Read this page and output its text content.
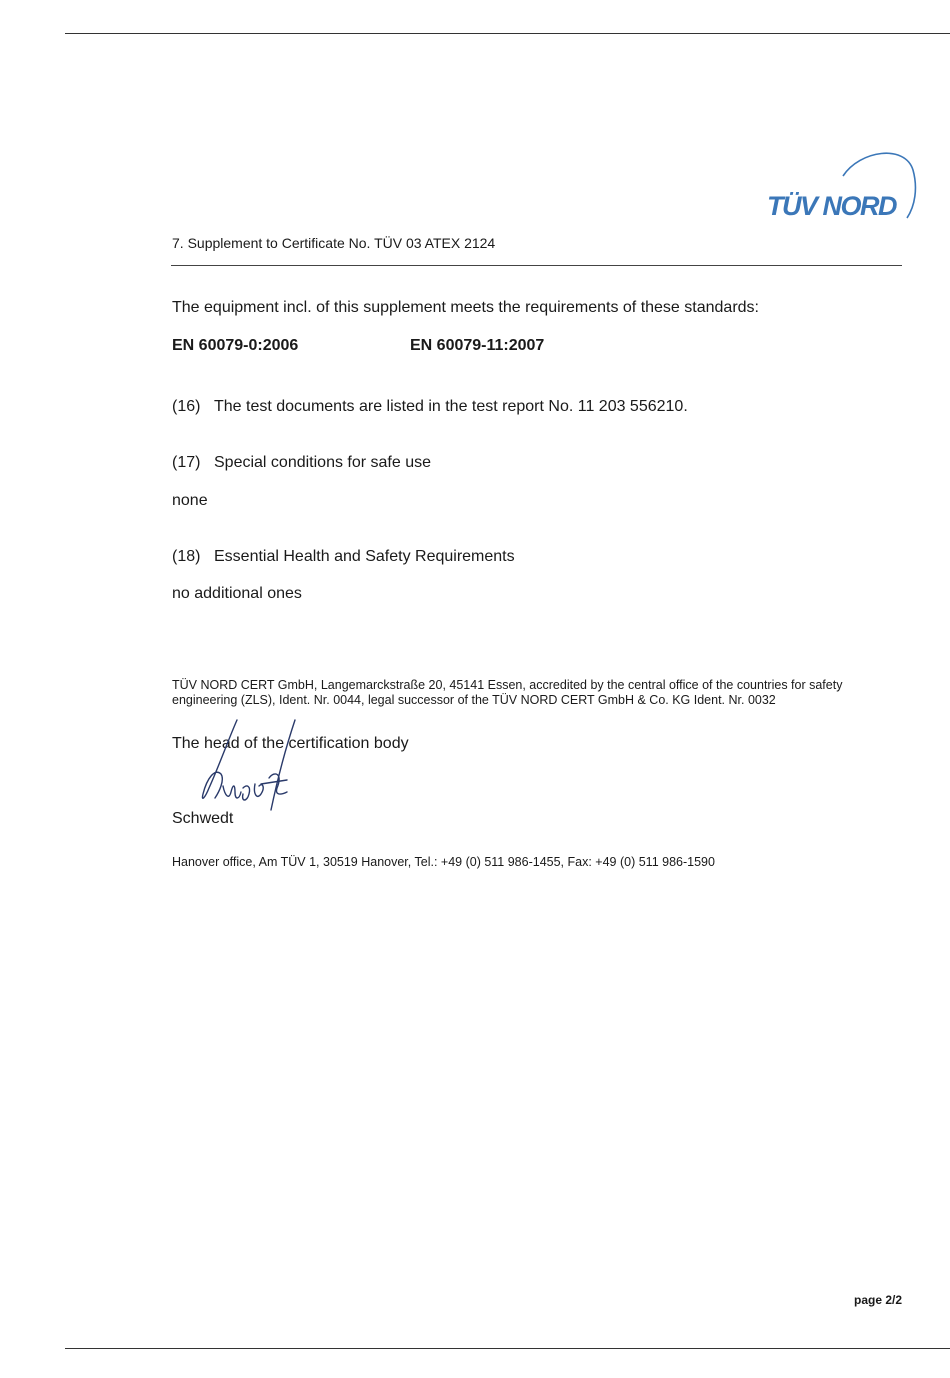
TÜV NORD
7. Supplement to Certificate No. TÜV 03 ATEX 2124
The equipment incl. of this supplement meets the requirements of these standards:
EN 60079-0:2006	EN 60079-11:2007
(16) The test documents are listed in the test report No. 11 203 556210.
(17) Special conditions for safe use
none
(18) Essential Health and Safety Requirements
no additional ones
TÜV NORD CERT GmbH, Langemarckstraße 20, 45141 Essen, accredited by the central office of the countries for safety engineering (ZLS), Ident. Nr. 0044, legal successor of the TÜV NORD CERT GmbH & Co. KG Ident. Nr. 0032
The head of the certification body
Schwedt
Hanover office, Am TÜV 1, 30519 Hanover, Tel.: +49 (0) 511 986-1455, Fax: +49 (0) 511 986-1590
page 2/2
